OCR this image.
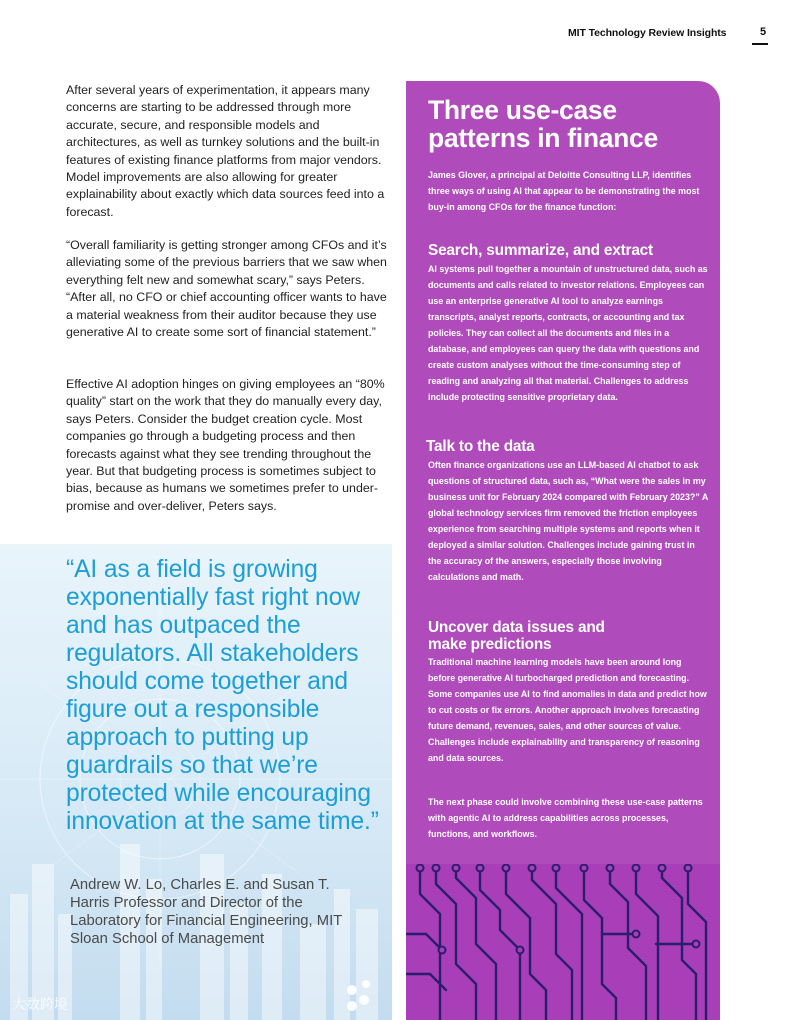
MIT Technology Review Insights	5

After several years of experimentation, it appears many concerns are starting to be addressed through more accurate, secure, and responsible models and architectures, as well as turnkey solutions and the built-in features of existing finance platforms from major vendors. Model improvements are also allowing for greater explainability about exactly which data sources feed into a forecast.

“Overall familiarity is getting stronger among CFOs and it’s alleviating some of the previous barriers that we saw when everything felt new and somewhat scary,” says Peters. “After all, no CFO or chief accounting officer wants to have a material weakness from their auditor because they use generative AI to create some sort of financial statement.”

Effective AI adoption hinges on giving employees an “80% quality” start on the work that they do manually every day, says Peters. Consider the budget creation cycle. Most companies go through a budgeting process and then forecasts against what they see trending throughout the year. But that budgeting process is sometimes subject to bias, because as humans we sometimes prefer to under-promise and over-deliver, Peters says.

“AI as a field is growing exponentially fast right now and has outpaced the regulators. All stakeholders should come together and figure out a responsible approach to putting up guardrails so that we’re protected while encouraging innovation at the same time.”

Andrew W. Lo, Charles E. and Susan T. Harris Professor and Director of the Laboratory for Financial Engineering, MIT Sloan School of Management

大数跨境
Three use-case patterns in finance

James Glover, a principal at Deloitte Consulting LLP, identifies three ways of using AI that appear to be demonstrating the most buy-in among CFOs for the finance function:

Search, summarize, and extract

AI systems pull together a mountain of unstructured data, such as documents and calls related to investor relations. Employees can use an enterprise generative AI tool to analyze earnings transcripts, analyst reports, contracts, or accounting and tax policies. They can collect all the documents and files in a database, and employees can query the data with questions and create custom analyses without the time-consuming step of reading and analyzing all that material. Challenges to address include protecting sensitive proprietary data.

Talk to the data

Often finance organizations use an LLM-based AI chatbot to ask questions of structured data, such as, “What were the sales in my business unit for February 2024 compared with February 2023?” A global technology services firm removed the friction employees experience from searching multiple systems and reports when it deployed a similar solution. Challenges include gaining trust in the accuracy of the answers, especially those involving calculations and math.

Uncover data issues and make predictions

Traditional machine learning models have been around long before generative AI turbocharged prediction and forecasting. Some companies use AI to find anomalies in data and predict how to cut costs or fix errors. Another approach involves forecasting future demand, revenues, sales, and other sources of value. Challenges include explainability and transparency of reasoning and data sources.

The next phase could involve combining these use-case patterns with agentic AI to address capabilities across processes, functions, and workflows.
